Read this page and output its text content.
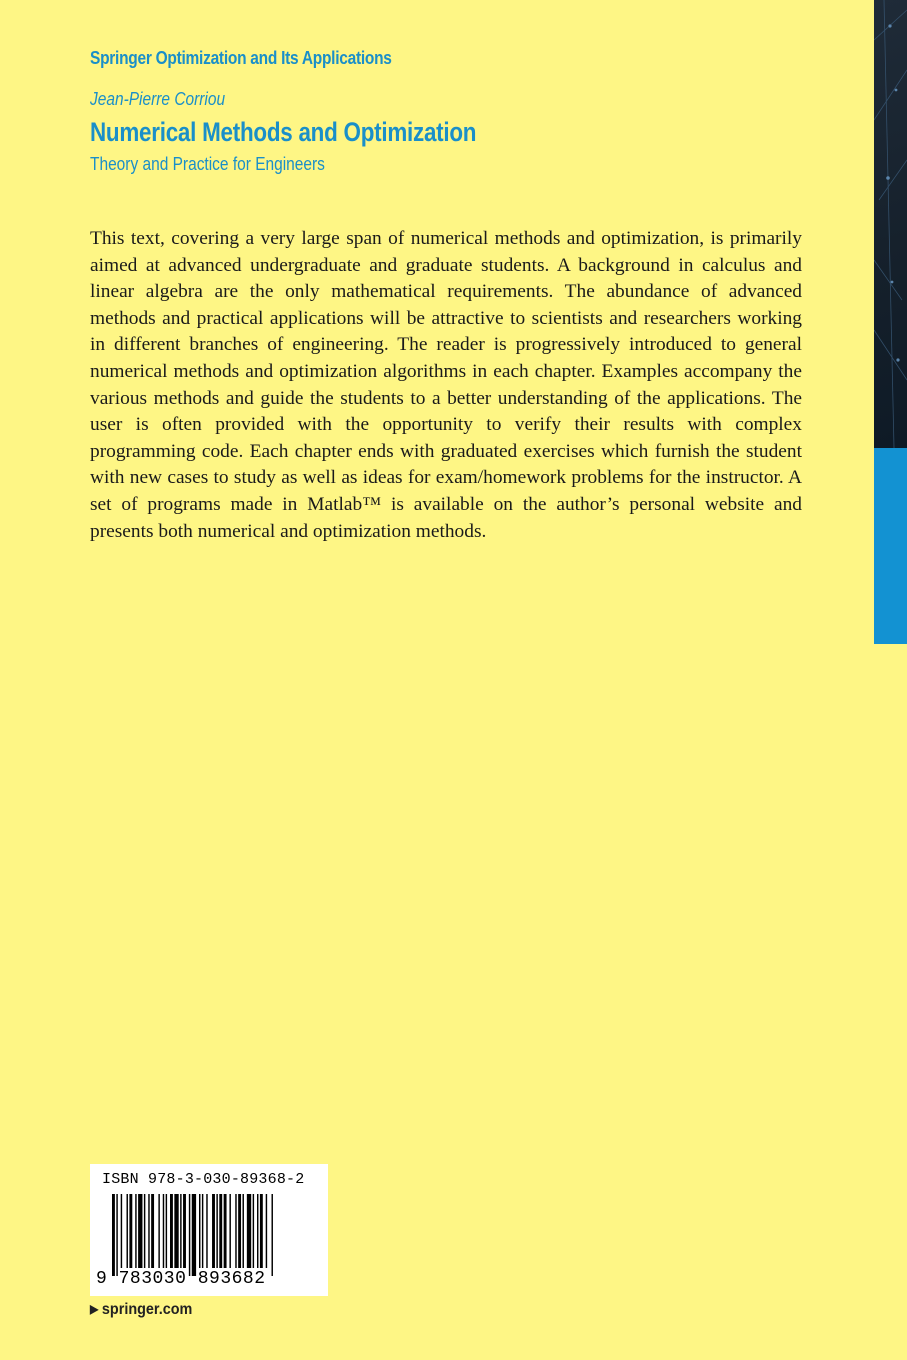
Springer Optimization and Its Applications
Jean-Pierre Corriou
Numerical Methods and Optimization
Theory and Practice for Engineers

This text, covering a very large span of numerical methods and optimization, is primarily aimed at advanced undergraduate and graduate students. A background in calculus and linear algebra are the only mathematical requirements. The abundance of advanced methods and practical applications will be attractive to scientists and researchers working in different branches of engineering. The reader is progressively introduced to general numerical methods and optimization algorithms in each chapter. Examples accompany the various methods and guide the students to a better understanding of the applications. The user is often provided with the opportunity to verify their results with complex programming code. Each chapter ends with graduated exercises which furnish the student with new cases to study as well as ideas for exam/homework problems for the instructor. A set of programs made in Matlab™ is available on the author’s personal website and presents both numerical and optimization methods.

ISBN 978-3-030-89368-2
9 783030 893682
▶ springer.com
